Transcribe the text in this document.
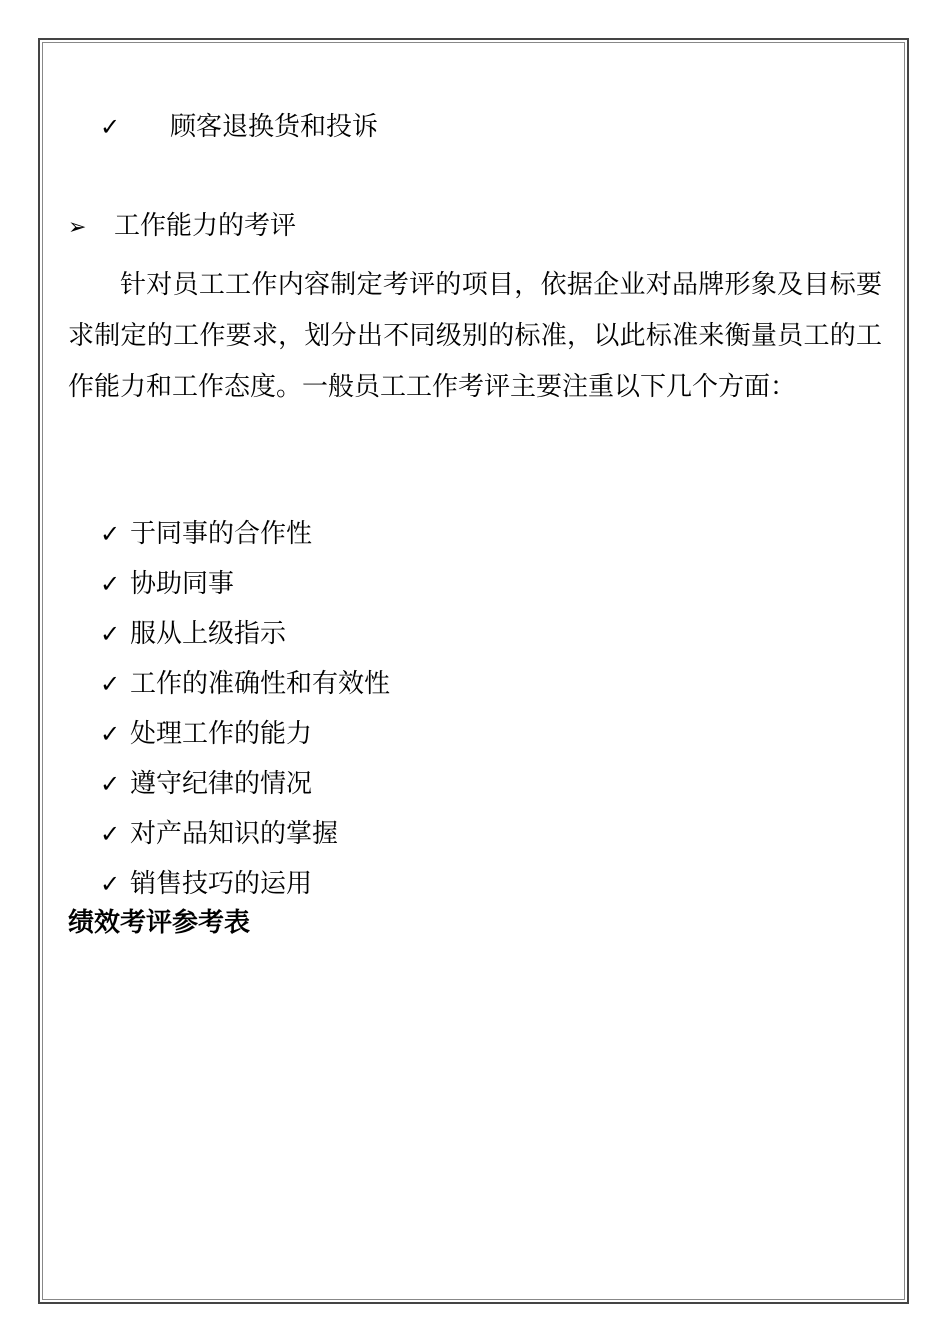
✓ 顾客退换货和投诉
➢ 工作能力的考评

针对员工工作内容制定考评的项目，依据企业对品牌形象及目标要求制定的工作要求，划分出不同级别的标准，以此标准来衡量员工的工作能力和工作态度。一般员工工作考评主要注重以下几个方面：

✓ 于同事的合作性
✓ 协助同事
✓ 服从上级指示
✓ 工作的准确性和有效性
✓ 处理工作的能力
✓ 遵守纪律的情况
✓ 对产品知识的掌握
✓ 销售技巧的运用
绩效考评参考表
